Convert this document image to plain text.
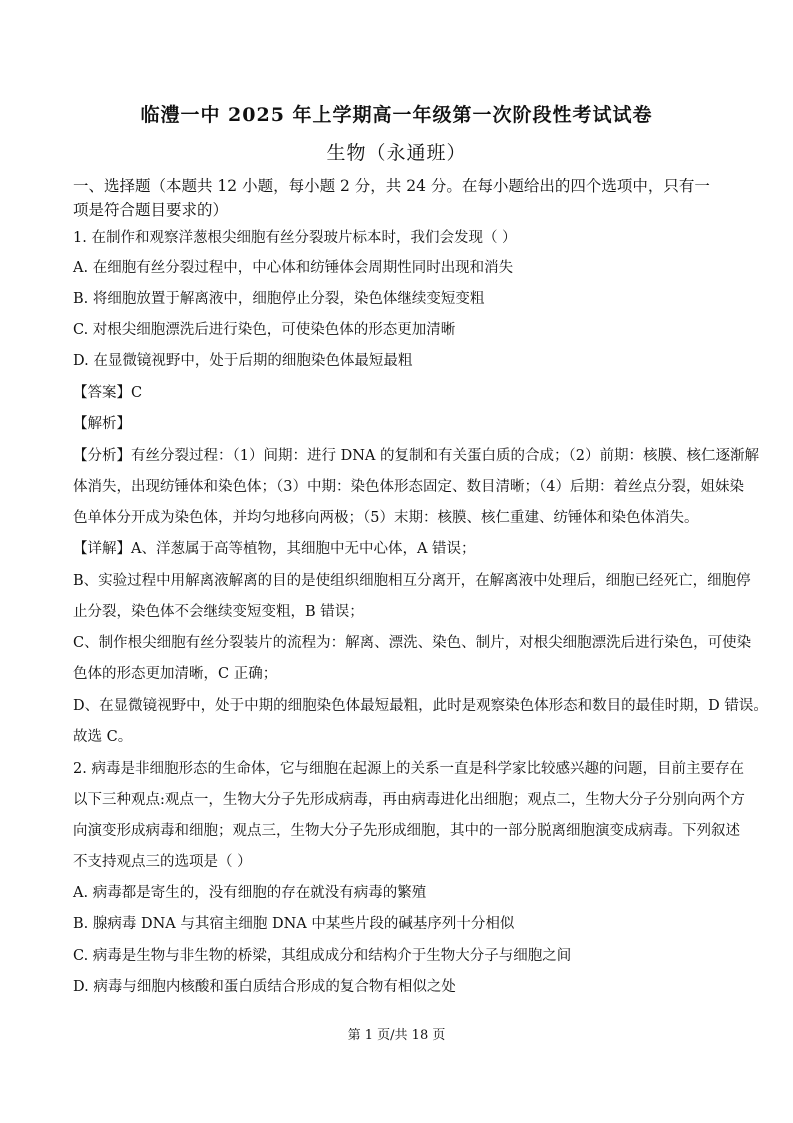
临澧一中 2025 年上学期高一年级第一次阶段性考试试卷
生物（永通班）
一、选择题（本题共 12 小题，每小题 2 分，共 24 分。在每小题给出的四个选项中，只有一
项是符合题目要求的）
1. 在制作和观察洋葱根尖细胞有丝分裂玻片标本时，我们会发现（ ）
A. 在细胞有丝分裂过程中，中心体和纺锤体会周期性同时出现和消失
B. 将细胞放置于解离液中，细胞停止分裂，染色体继续变短变粗
C. 对根尖细胞漂洗后进行染色，可使染色体的形态更加清晰
D. 在显微镜视野中，处于后期的细胞染色体最短最粗
【答案】C
【解析】
【分析】有丝分裂过程：（1）间期：进行 DNA 的复制和有关蛋白质的合成；（2）前期：核膜、核仁逐渐解
体消失，出现纺锤体和染色体；（3）中期：染色体形态固定、数目清晰；（4）后期：着丝点分裂，姐妹染
色单体分开成为染色体，并均匀地移向两极；（5）末期：核膜、核仁重建、纺锤体和染色体消失。
【详解】A、洋葱属于高等植物，其细胞中无中心体，A 错误；
B、实验过程中用解离液解离的目的是使组织细胞相互分离开，在解离液中处理后，细胞已经死亡，细胞停
止分裂，染色体不会继续变短变粗，B 错误；
C、制作根尖细胞有丝分裂装片的流程为：解离、漂洗、染色、制片，对根尖细胞漂洗后进行染色，可使染
色体的形态更加清晰，C 正确；
D、在显微镜视野中，处于中期的细胞染色体最短最粗，此时是观察染色体形态和数目的最佳时期，D 错误。
故选 C。
2. 病毒是非细胞形态的生命体，它与细胞在起源上的关系一直是科学家比较感兴趣的问题，目前主要存在
以下三种观点:观点一，生物大分子先形成病毒，再由病毒进化出细胞；观点二，生物大分子分别向两个方
向演变形成病毒和细胞；观点三，生物大分子先形成细胞，其中的一部分脱离细胞演变成病毒。下列叙述
不支持观点三的选项是（ ）
A. 病毒都是寄生的，没有细胞的存在就没有病毒的繁殖
B. 腺病毒 DNA 与其宿主细胞 DNA 中某些片段的碱基序列十分相似
C. 病毒是生物与非生物的桥梁，其组成成分和结构介于生物大分子与细胞之间
D. 病毒与细胞内核酸和蛋白质结合形成的复合物有相似之处
第 1 页/共 18 页
